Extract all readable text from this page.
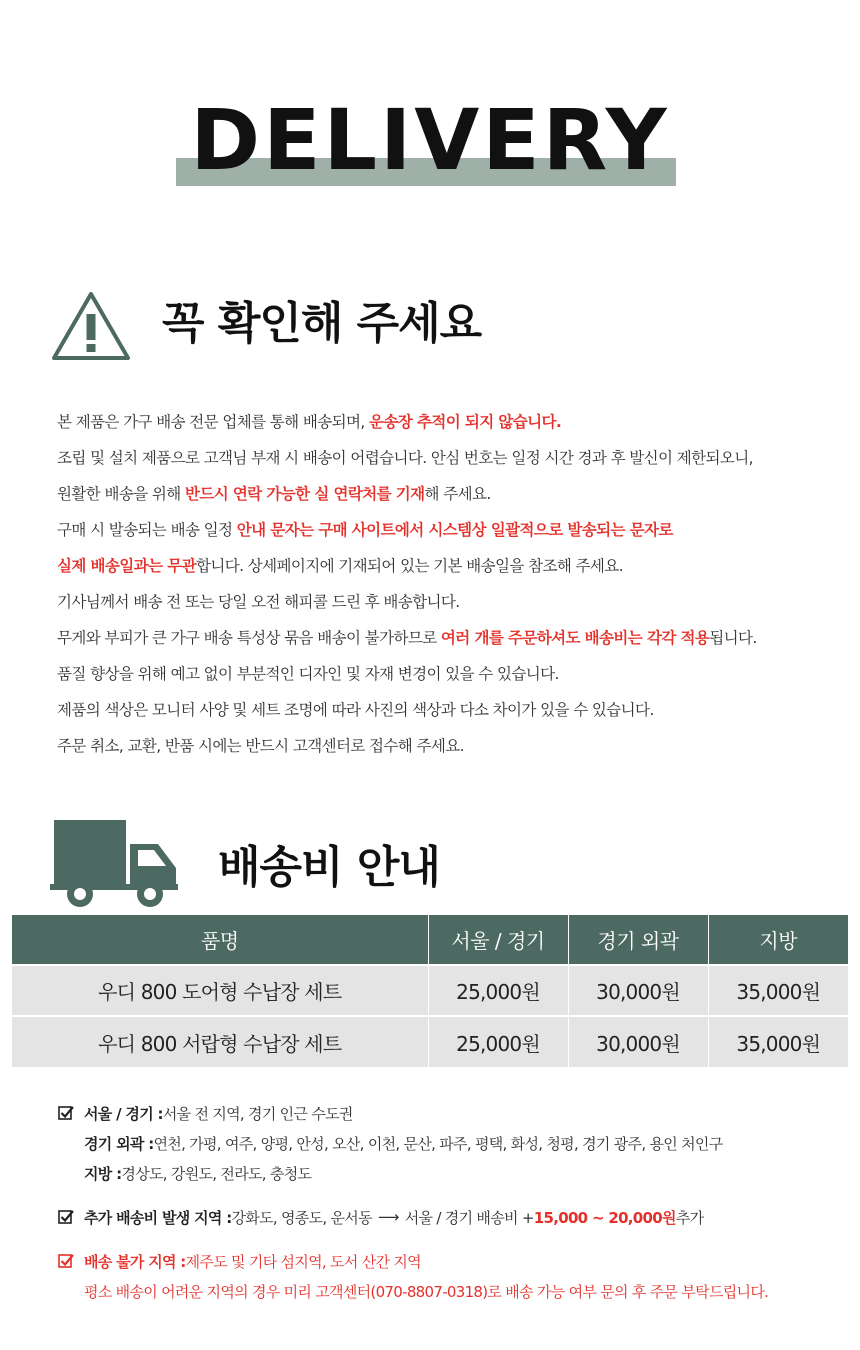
DELIVERY
꼭 확인해 주세요
본 제품은 가구 배송 전문 업체를 통해 배송되며, 운송장 추적이 되지 않습니다.
조립 및 설치 제품으로 고객님 부재 시 배송이 어렵습니다. 안심 번호는 일정 시간 경과 후 발신이 제한되오니,
원활한 배송을 위해 반드시 연락 가능한 실 연락처를 기재해 주세요.
구매 시 발송되는 배송 일정 안내 문자는 구매 사이트에서 시스템상 일괄적으로 발송되는 문자로
실제 배송일과는 무관합니다. 상세페이지에 기재되어 있는 기본 배송일을 참조해 주세요.
기사님께서 배송 전 또는 당일 오전 해피콜 드린 후 배송합니다.
무게와 부피가 큰 가구 배송 특성상 묶음 배송이 불가하므로 여러 개를 주문하셔도 배송비는 각각 적용됩니다.
품질 향상을 위해 예고 없이 부분적인 디자인 및 자재 변경이 있을 수 있습니다.
제품의 색상은 모니터 사양 및 세트 조명에 따라 사진의 색상과 다소 차이가 있을 수 있습니다.
주문 취소, 교환, 반품 시에는 반드시 고객센터로 접수해 주세요.
배송비 안내
품명	서울 / 경기	경기 외곽	지방
우디 800 도어형 수납장 세트	25,000원	30,000원	35,000원
우디 800 서랍형 수납장 세트	25,000원	30,000원	35,000원
서울 / 경기 : 서울 전 지역, 경기 인근 수도권
경기 외곽 : 연천, 가평, 여주, 양평, 안성, 오산, 이천, 문산, 파주, 평택, 화성, 청평, 경기 광주, 용인 처인구
지방 : 경상도, 강원도, 전라도, 충청도
추가 배송비 발생 지역 : 강화도, 영종도, 운서동 ⟶ 서울 / 경기 배송비 + 15,000 ~ 20,000원 추가
배송 불가 지역 : 제주도 및 기타 섬지역, 도서 산간 지역
평소 배송이 어려운 지역의 경우 미리 고객센터(070-8807-0318)로 배송 가능 여부 문의 후 주문 부탁드립니다.
